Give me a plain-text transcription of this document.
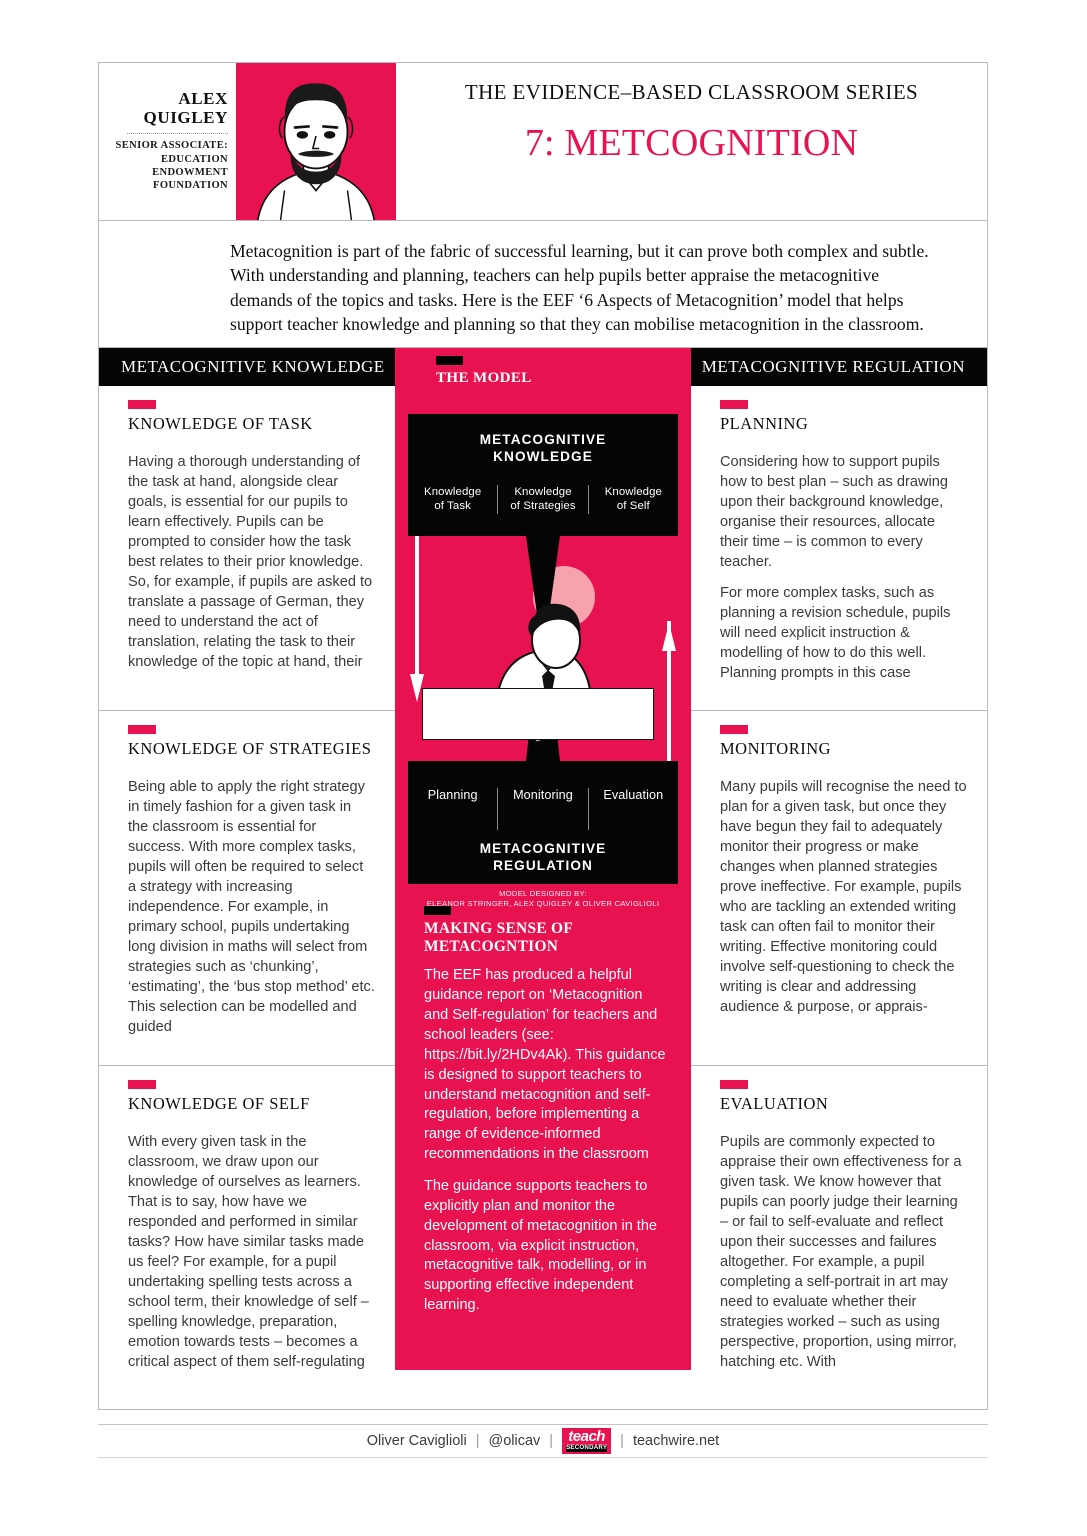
ALEX
QUIGLEY
SENIOR ASSOCIATE:
EDUCATION
ENDOWMENT
FOUNDATION
THE EVIDENCE–BASED CLASSROOM SERIES
7: METCOGNITION

Metacognition is part of the fabric of successful learning, but it can prove both complex and subtle. With understanding and planning, teachers can help pupils better appraise the metacognitive demands of the topics and tasks. Here is the EEF ‘6 Aspects of Metacognition’ model that helps support teacher knowledge and planning so that they can mobilise metacognition in the classroom.

METACOGNITIVE KNOWLEDGE
KNOWLEDGE OF TASK

Having a thorough understanding of the task at hand, alongside clear goals, is essential for our pupils to learn effectively. Pupils can be prompted to consider how the task best relates to their prior knowledge. So, for example, if pupils are asked to translate a passage of German, they need to understand the act of translation, relating the task to their knowledge of the topic at hand, their

KNOWLEDGE OF STRATEGIES

Being able to apply the right strategy in timely fashion for a given task in the classroom is essential for success. With more complex tasks, pupils will often be required to select a strategy with increasing independence. For example, in primary school, pupils undertaking long division in maths will select from strategies such as ‘chunking’, ‘estimating’, the ‘bus stop method’ etc. This selection can be modelled and guided

KNOWLEDGE OF SELF

With every given task in the classroom, we draw upon our knowledge of ourselves as learners. That is to say, how have we responded and performed in similar tasks? How have similar tasks made us feel? For example, for a pupil undertaking spelling tests across a school term, their knowledge of self – spelling knowledge, preparation, emotion towards tests – becomes a critical aspect of them self-regulating

THE MODEL
METACOGNITIVE
KNOWLEDGE
Knowledge
of Task
Knowledge
of Strategies
Knowledge
of Self
Planning	Monitoring	Evaluation
METACOGNITIVE
REGULATION
MODEL DESIGNED BY:
ELEANOR STRINGER, ALEX QUIGLEY & OLIVER CAVIGLIOLI
MAKING SENSE OF
METACOGNTION

The EEF has produced a helpful guidance report on ‘Metacognition and Self-regulation’ for teachers and school leaders (see: https://bit.ly/2HDv4Ak). This guidance is designed to support teachers to understand metacognition and self-regulation, before implementing a range of evidence-informed recommendations in the classroom

The guidance supports teachers to explicitly plan and monitor the development of metacognition in the classroom, via explicit instruction, metacognitive talk, modelling, or in supporting effective independent learning.

METACOGNITIVE REGULATION
PLANNING

Considering how to support pupils how to best plan – such as drawing upon their background knowledge, organise their resources, allocate their time – is common to every teacher.

For more complex tasks, such as planning a revision schedule, pupils will need explicit instruction & modelling of how to do this well. Planning prompts in this case

MONITORING

Many pupils will recognise the need to plan for a given task, but once they have begun they fail to adequately monitor their progress or make changes when planned strategies prove ineffective. For example, pupils who are tackling an extended writing task can often fail to monitor their writing. Effective monitoring could involve self-questioning to check the writing is clear and addressing audience & purpose, or apprais-

EVALUATION

Pupils are commonly expected to appraise their own effectiveness for a given task. We know however that pupils can poorly judge their learning – or fail to self-evaluate and reflect upon their successes and failures altogether. For example, a pupil completing a self-portrait in art may need to evaluate whether their strategies worked – such as using perspective, proportion, using mirror, hatching etc. With

Oliver Caviglioli | @olicav | teach
SECONDARY | teachwire.net
